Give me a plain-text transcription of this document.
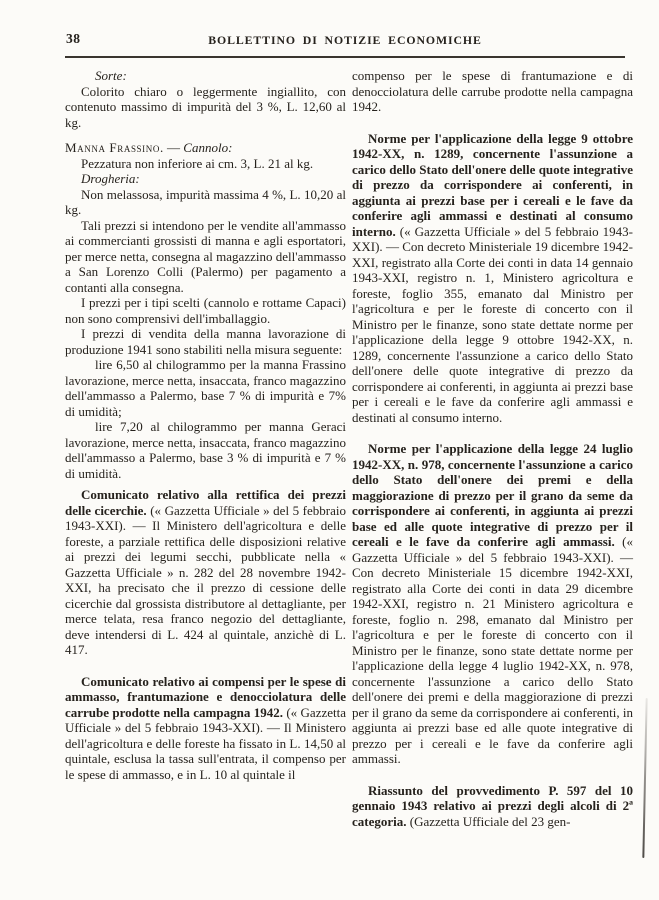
38	BOLLETTINO DI NOTIZIE ECONOMICHE

Sorte:

Colorito chiaro o leggermente ingiallito, con contenuto massimo di impurità del 3 %, L. 12,60 al kg.

Manna Frassino. — Cannolo:

Pezzatura non inferiore ai cm. 3, L. 21 al kg.

Drogheria:

Non melassosa, impurità massima 4 %, L. 10,20 al kg.

Tali prezzi si intendono per le vendite all'ammasso ai commercianti grossisti di manna e agli esportatori, per merce netta, consegna al magazzino dell'ammasso a San Lorenzo Colli (Palermo) per pagamento a contanti alla consegna.

I prezzi per i tipi scelti (cannolo e rottame Capaci) non sono comprensivi dell'imballaggio.

I prezzi di vendita della manna lavorazione di produzione 1941 sono stabiliti nella misura seguente:

lire 6,50 al chilogrammo per la manna Frassino lavorazione, merce netta, insaccata, franco magazzino dell'ammasso a Palermo, base 7 % di impurità e 7% di umidità;

lire 7,20 al chilogrammo per manna Geraci lavorazione, merce netta, insaccata, franco magazzino dell'ammasso a Palermo, base 3 % di impurità e 7 % di umidità.

Comunicato relativo alla rettifica dei prezzi delle cicerchie. (« Gazzetta Ufficiale » del 5 febbraio 1943-XXI). — Il Ministero dell'agricoltura e delle foreste, a parziale rettifica delle disposizioni relative ai prezzi dei legumi secchi, pubblicate nella « Gazzetta Ufficiale » n. 282 del 28 novembre 1942-XXI, ha precisato che il prezzo di cessione delle cicerchie dal grossista distributore al dettagliante, per merce telata, resa franco negozio del dettagliante, deve intendersi di L. 424 al quintale, anzichè di L. 417.

Comunicato relativo ai compensi per le spese di ammasso, frantumazione e denocciolatura delle carrube prodotte nella campagna 1942. (« Gazzetta Ufficiale » del 5 febbraio 1943-XXI). — Il Ministero dell'agricoltura e delle foreste ha fissato in L. 14,50 al quintale, esclusa la tassa sull'entrata, il compenso per le spese di ammasso, e in L. 10 al quintale il

compenso per le spese di frantumazione e di denocciolatura delle carrube prodotte nella campagna 1942.

Norme per l'applicazione della legge 9 ottobre 1942-XX, n. 1289, concernente l'assunzione a carico dello Stato dell'onere delle quote integrative di prezzo da corrispondere ai conferenti, in aggiunta ai prezzi base per i cereali e le fave da conferire agli ammassi e destinati al consumo interno. (« Gazzetta Ufficiale » del 5 febbraio 1943-XXI). — Con decreto Ministeriale 19 dicembre 1942-XXI, registrato alla Corte dei conti in data 14 gennaio 1943-XXI, registro n. 1, Ministero agricoltura e foreste, foglio 355, emanato dal Ministro per l'agricoltura e per le foreste di concerto con il Ministro per le finanze, sono state dettate norme per l'applicazione della legge 9 ottobre 1942-XX, n. 1289, concernente l'assunzione a carico dello Stato dell'onere delle quote integrative di prezzo da corrispondere ai conferenti, in aggiunta ai prezzi base per i cereali e le fave da conferire agli ammassi e destinati al consumo interno.

Norme per l'applicazione della legge 24 luglio 1942-XX, n. 978, concernente l'assunzione a carico dello Stato dell'onere dei premi e della maggiorazione di prezzo per il grano da seme da corrispondere ai conferenti, in aggiunta ai prezzi base ed alle quote integrative di prezzo per il cereali e le fave da conferire agli ammassi. (« Gazzetta Ufficiale » del 5 febbraio 1943-XXI). — Con decreto Ministeriale 15 dicembre 1942-XXI, registrato alla Corte dei conti in data 29 dicembre 1942-XXI, registro n. 21 Ministero agricoltura e foreste, foglio n. 298, emanato dal Ministro per l'agricoltura e per le foreste di concerto con il Ministro per le finanze, sono state dettate norme per l'applicazione della legge 4 luglio 1942-XX, n. 978, concernente l'assunzione a carico dello Stato dell'onere dei premi e della maggiorazione di prezzi per il grano da seme da corrispondere ai conferenti, in aggiunta ai prezzi base ed alle quote integrative di prezzo per i cereali e le fave da conferire agli ammassi.

Riassunto del provvedimento P. 597 del 10 gennaio 1943 relativo ai prezzi degli alcoli di 2ª categoria. (Gazzetta Ufficiale del 23 gen-
